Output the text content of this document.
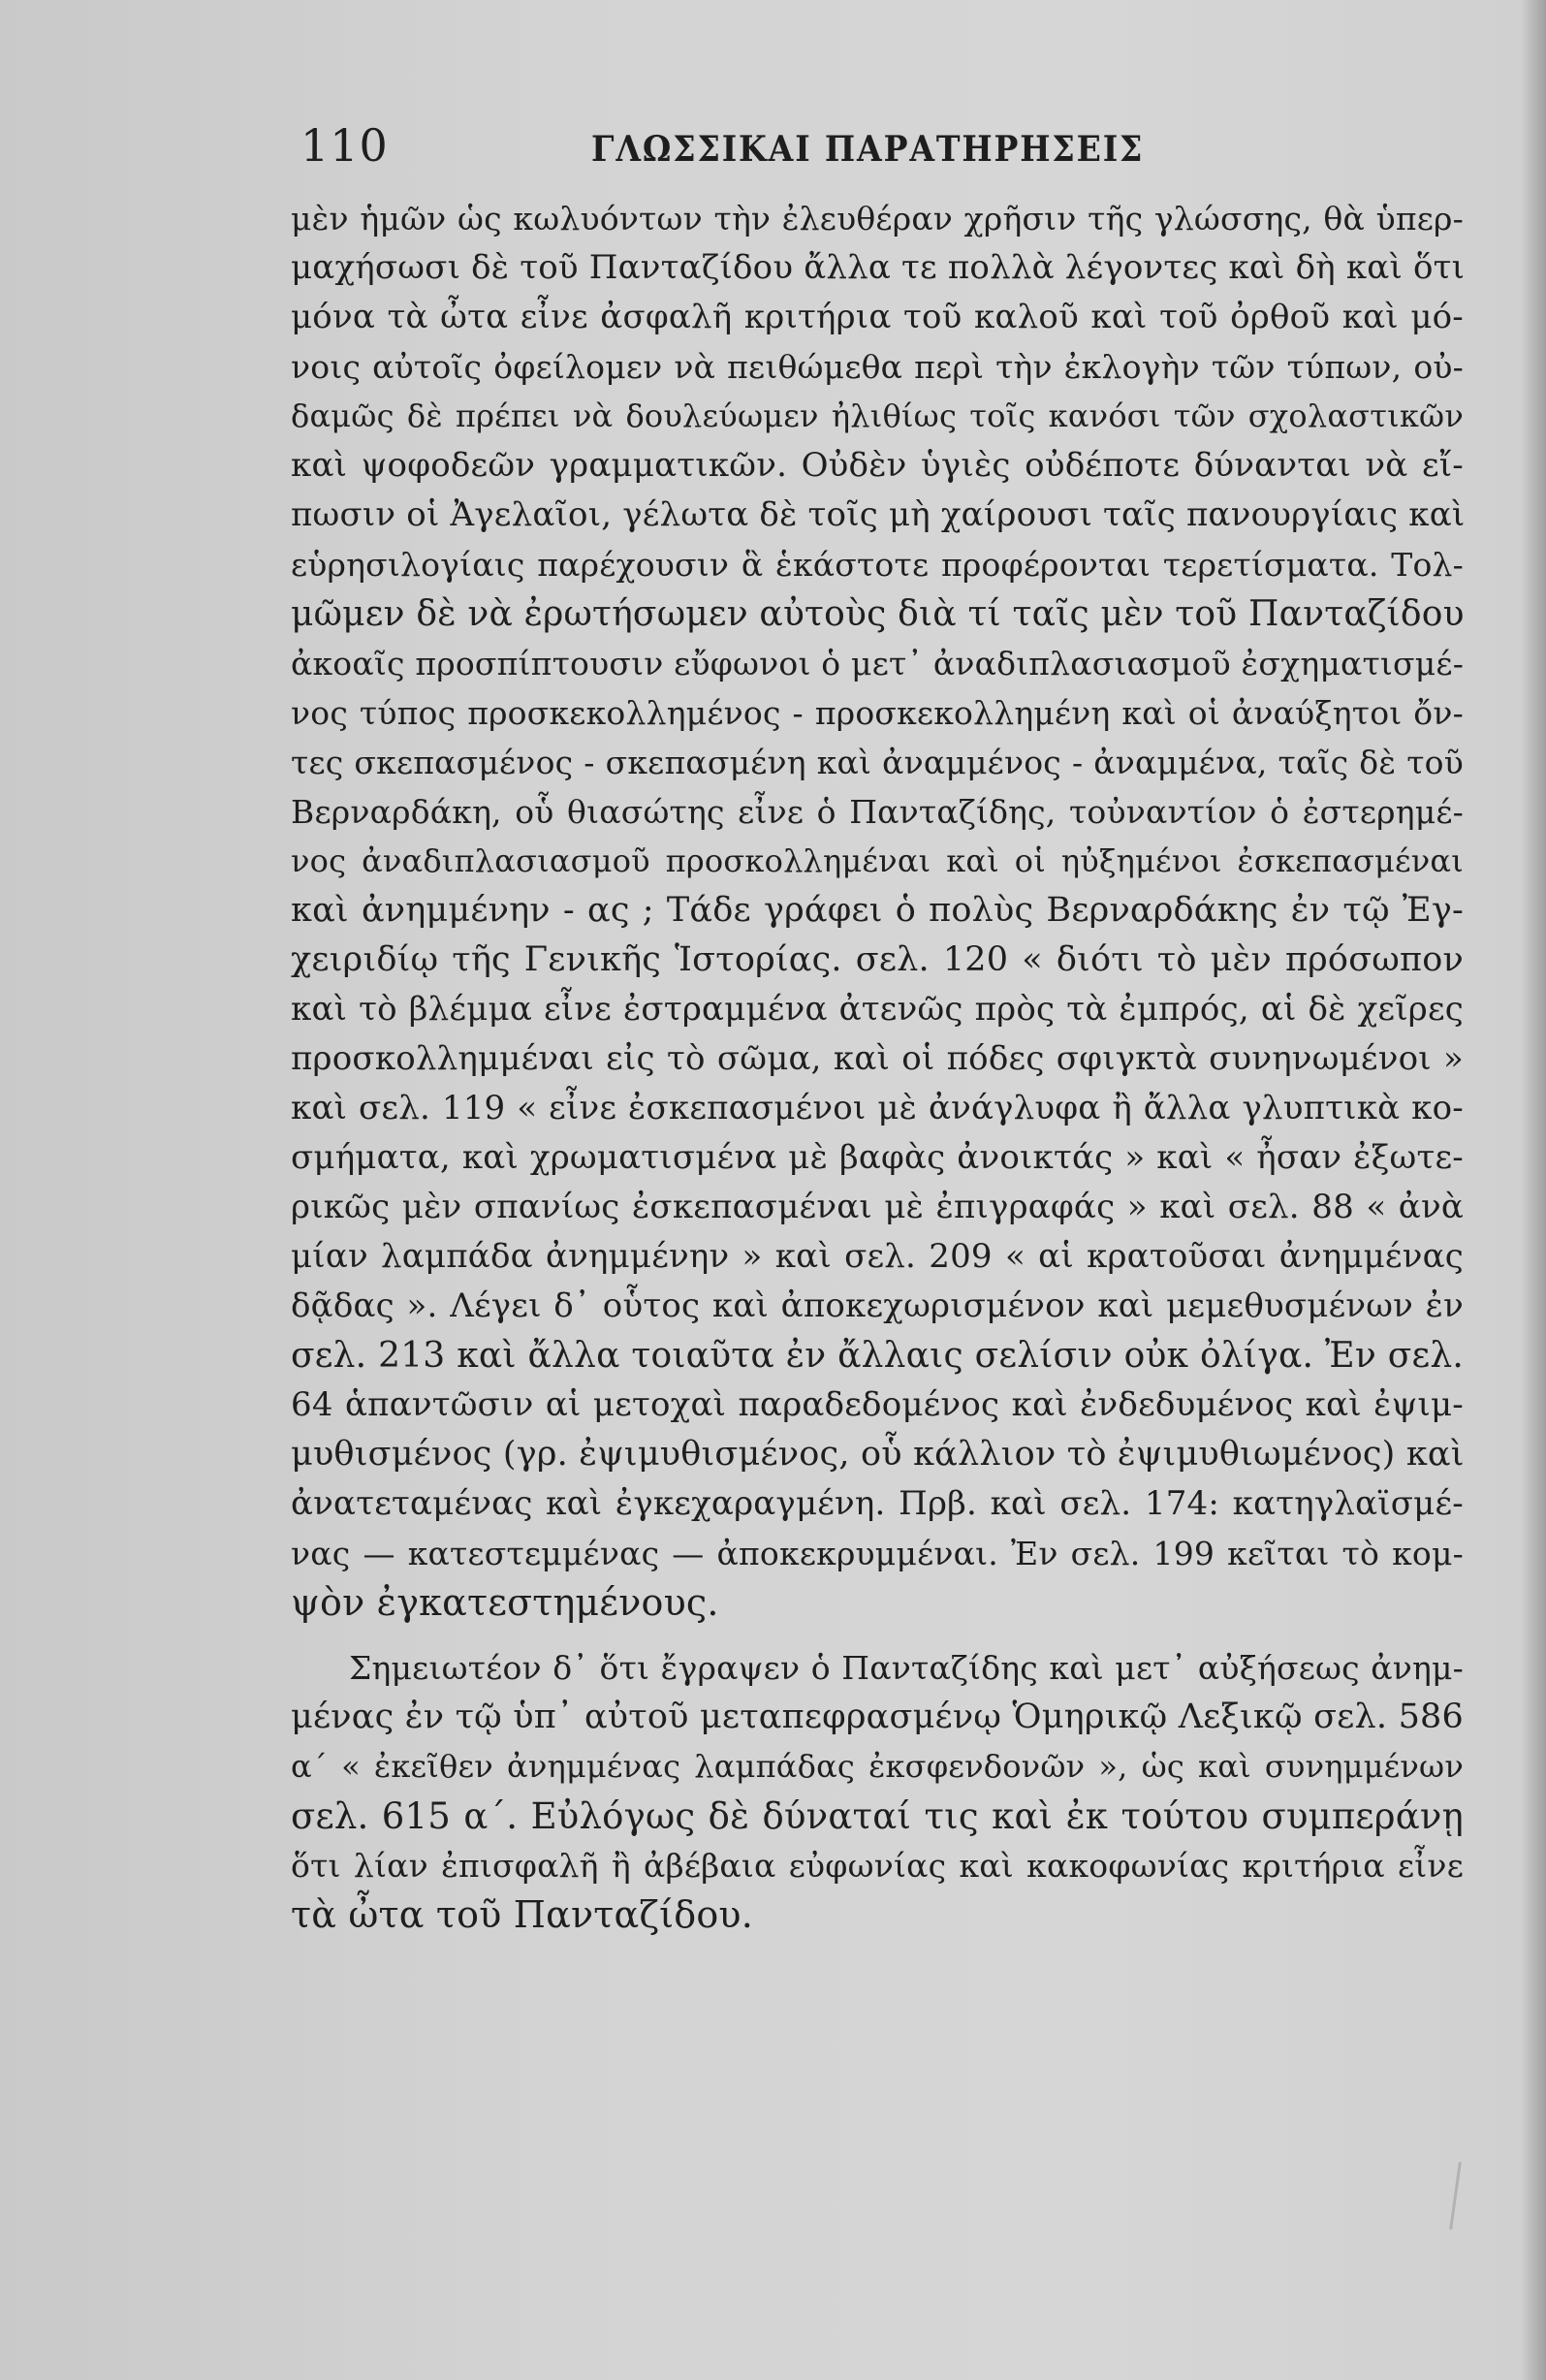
110	ΓΛΩΣΣΙΚΑΙ ΠΑΡΑΤΗΡΗΣΕΙΣ
μὲν ἡμῶν ὡς κωλυόντων τὴν ἐλευθέραν χρῆσιν τῆς γλώσσης, θὰ ὑπερ-
μαχήσωσι δὲ τοῦ Πανταζίδου ἄλλα τε πολλὰ λέγοντες καὶ δὴ καὶ ὅτι
μόνα τὰ ὦτα εἶνε ἀσφαλῆ κριτήρια τοῦ καλοῦ καὶ τοῦ ὀρθοῦ καὶ μό-
νοις αὐτοῖς ὀφείλομεν νὰ πειθώμεθα περὶ τὴν ἐκλογὴν τῶν τύπων, οὐ-
δαμῶς δὲ πρέπει νὰ δουλεύωμεν ἠλιθίως τοῖς κανόσι τῶν σχολαστικῶν
καὶ ψοφοδεῶν γραμματικῶν. Οὐδὲν ὑγιὲς οὐδέποτε δύνανται νὰ εἴ-
πωσιν οἱ Ἀγελαῖοι, γέλωτα δὲ τοῖς μὴ χαίρουσι ταῖς πανουργίαις καὶ
εὑρησιλογίαις παρέχουσιν ἃ ἑκάστοτε προφέρονται τερετίσματα. Τολ-
μῶμεν δὲ νὰ ἐρωτήσωμεν αὐτοὺς διὰ τί ταῖς μὲν τοῦ Πανταζίδου
ἀκοαῖς προσπίπτουσιν εὔφωνοι ὁ μετ᾽ ἀναδιπλασιασμοῦ ἐσχηματισμέ-
νος τύπος προσκεκολλημένος - προσκεκολλημένη καὶ οἱ ἀναύξητοι ὄν-
τες σκεπασμένος - σκεπασμένη καὶ ἀναμμένος - ἀναμμένα, ταῖς δὲ τοῦ
Βερναρδάκη, οὗ θιασώτης εἶνε ὁ Πανταζίδης, τοὐναντίον ὁ ἐστερημέ-
νος ἀναδιπλασιασμοῦ προσκολλημέναι καὶ οἱ ηὐξημένοι ἐσκεπασμέναι
καὶ ἀνημμένην - ας ; Τάδε γράφει ὁ πολὺς Βερναρδάκης ἐν τῷ Ἐγ-
χειριδίῳ τῆς Γενικῆς Ἱστορίας. σελ. 120 « διότι τὸ μὲν πρόσωπον
καὶ τὸ βλέμμα εἶνε ἐστραμμένα ἀτενῶς πρὸς τὰ ἐμπρός, αἱ δὲ χεῖρες
προσκολλημμέναι εἰς τὸ σῶμα, καὶ οἱ πόδες σφιγκτὰ συνηνωμένοι »
καὶ σελ. 119 « εἶνε ἐσκεπασμένοι μὲ ἀνάγλυφα ἢ ἄλλα γλυπτικὰ κο-
σμήματα, καὶ χρωματισμένα μὲ βαφὰς ἀνοικτάς » καὶ « ἦσαν ἐξωτε-
ρικῶς μὲν σπανίως ἐσκεπασμέναι μὲ ἐπιγραφάς » καὶ σελ. 88 « ἀνὰ
μίαν λαμπάδα ἀνημμένην » καὶ σελ. 209 « αἱ κρατοῦσαι ἀνημμένας
δᾷδας ». Λέγει δ᾽ οὗτος καὶ ἀποκεχωρισμένον καὶ μεμεθυσμένων ἐν
σελ. 213 καὶ ἄλλα τοιαῦτα ἐν ἄλλαις σελίσιν οὐκ ὀλίγα. Ἐν σελ.
64 ἁπαντῶσιν αἱ μετοχαὶ παραδεδομένος καὶ ἐνδεδυμένος καὶ ἐψιμ-
μυθισμένος (γρ. ἐψιμυθισμένος, οὗ κάλλιον τὸ ἐψιμυθιωμένος) καὶ
ἀνατεταμένας καὶ ἐγκεχαραγμένη. Πρβ. καὶ σελ. 174: κατηγλαϊσμέ-
νας — κατεστεμμένας — ἀποκεκρυμμέναι. Ἐν σελ. 199 κεῖται τὸ κομ-
ψὸν ἐγκατεστημένους.
Σημειωτέον δ᾽ ὅτι ἔγραψεν ὁ Πανταζίδης καὶ μετ᾽ αὐξήσεως ἀνημ-
μένας ἐν τῷ ὑπ᾽ αὐτοῦ μεταπεφρασμένῳ Ὁμηρικῷ Λεξικῷ σελ. 586
α´ « ἐκεῖθεν ἀνημμένας λαμπάδας ἐκσφενδονῶν », ὡς καὶ συνημμένων
σελ. 615 α´. Εὐλόγως δὲ δύναταί τις καὶ ἐκ τούτου συμπεράνῃ
ὅτι λίαν ἐπισφαλῆ ἢ ἀβέβαια εὐφωνίας καὶ κακοφωνίας κριτήρια εἶνε
τὰ ὦτα τοῦ Πανταζίδου.
